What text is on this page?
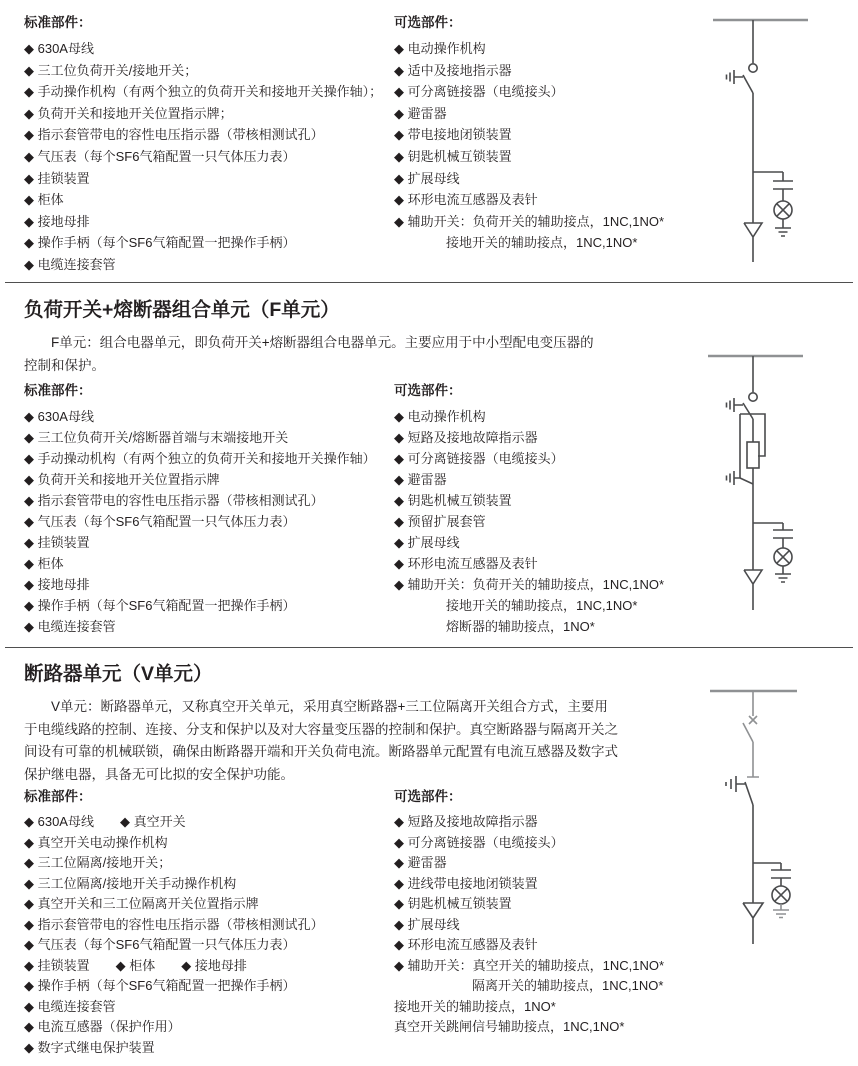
标准部件：
◆ 630A母线
◆ 三工位负荷开关/接地开关；
◆ 手动操作机构（有两个独立的负荷开关和接地开关操作轴）；
◆ 负荷开关和接地开关位置指示牌；
◆ 指示套管带电的容性电压指示器（带核相测试孔）
◆ 气压表（每个SF6气箱配置一只气体压力表）
◆ 挂锁装置
◆ 柜体
◆ 接地母排
◆ 操作手柄（每个SF6气箱配置一把操作手柄）
◆ 电缆连接套管
可选部件：
◆ 电动操作机构
◆ 适中及接地指示器
◆ 可分离链接器（电缆接头）
◆ 避雷器
◆ 带电接地闭锁装置
◆ 钥匙机械互锁装置
◆ 扩展母线
◆ 环形电流互感器及表针
◆ 辅助开关：负荷开关的辅助接点，1NC,1NO*
　　　　接地开关的辅助接点，1NC,1NO*
负荷开关+熔断器组合单元（F单元）
　　F单元：组合电器单元，即负荷开关+熔断器组合电器单元。主要应用于中小型配电变压器的
控制和保护。
标准部件：
◆ 630A母线
◆ 三工位负荷开关/熔断器首端与末端接地开关
◆ 手动操动机构（有两个独立的负荷开关和接地开关操作轴）
◆ 负荷开关和接地开关位置指示牌
◆ 指示套管带电的容性电压指示器（带核相测试孔）
◆ 气压表（每个SF6气箱配置一只气体压力表）
◆ 挂锁装置
◆ 柜体
◆ 接地母排
◆ 操作手柄（每个SF6气箱配置一把操作手柄）
◆ 电缆连接套管
可选部件：
◆ 电动操作机构
◆ 短路及接地故障指示器
◆ 可分离链接器（电缆接头）
◆ 避雷器
◆ 钥匙机械互锁装置
◆ 预留扩展套管
◆ 扩展母线
◆ 环形电流互感器及表针
◆ 辅助开关：负荷开关的辅助接点，1NC,1NO*
　　　　接地开关的辅助接点，1NC,1NO*
　　　　熔断器的辅助接点，1NO*
断路器单元（V单元）
　　V单元：断路器单元，又称真空开关单元，采用真空断路器+三工位隔离开关组合方式，主要用
于电缆线路的控制、连接、分支和保护以及对大容量变压器的控制和保护。真空断路器与隔离开关之
间设有可靠的机械联锁，确保由断路器开端和开关负荷电流。断路器单元配置有电流互感器及数字式
保护继电器，具备无可比拟的安全保护功能。
标准部件：
◆ 630A母线　　◆ 真空开关
◆ 真空开关电动操作机构
◆ 三工位隔离/接地开关；
◆ 三工位隔离/接地开关手动操作机构
◆ 真空开关和三工位隔离开关位置指示牌
◆ 指示套管带电的容性电压指示器（带核相测试孔）
◆ 气压表（每个SF6气箱配置一只气体压力表）
◆ 挂锁装置　　◆ 柜体　　◆ 接地母排
◆ 操作手柄（每个SF6气箱配置一把操作手柄）
◆ 电缆连接套管
◆ 电流互感器（保护作用）
◆ 数字式继电保护装置
可选部件：
◆ 短路及接地故障指示器
◆ 可分离链接器（电缆接头）
◆ 避雷器
◆ 进线带电接地闭锁装置
◆ 钥匙机械互锁装置
◆ 扩展母线
◆ 环形电流互感器及表针
◆ 辅助开关：真空开关的辅助接点，1NC,1NO*
　　　　　　隔离开关的辅助接点，1NC,1NO*
接地开关的辅助接点，1NO*
真空开关跳闸信号辅助接点，1NC,1NO*
